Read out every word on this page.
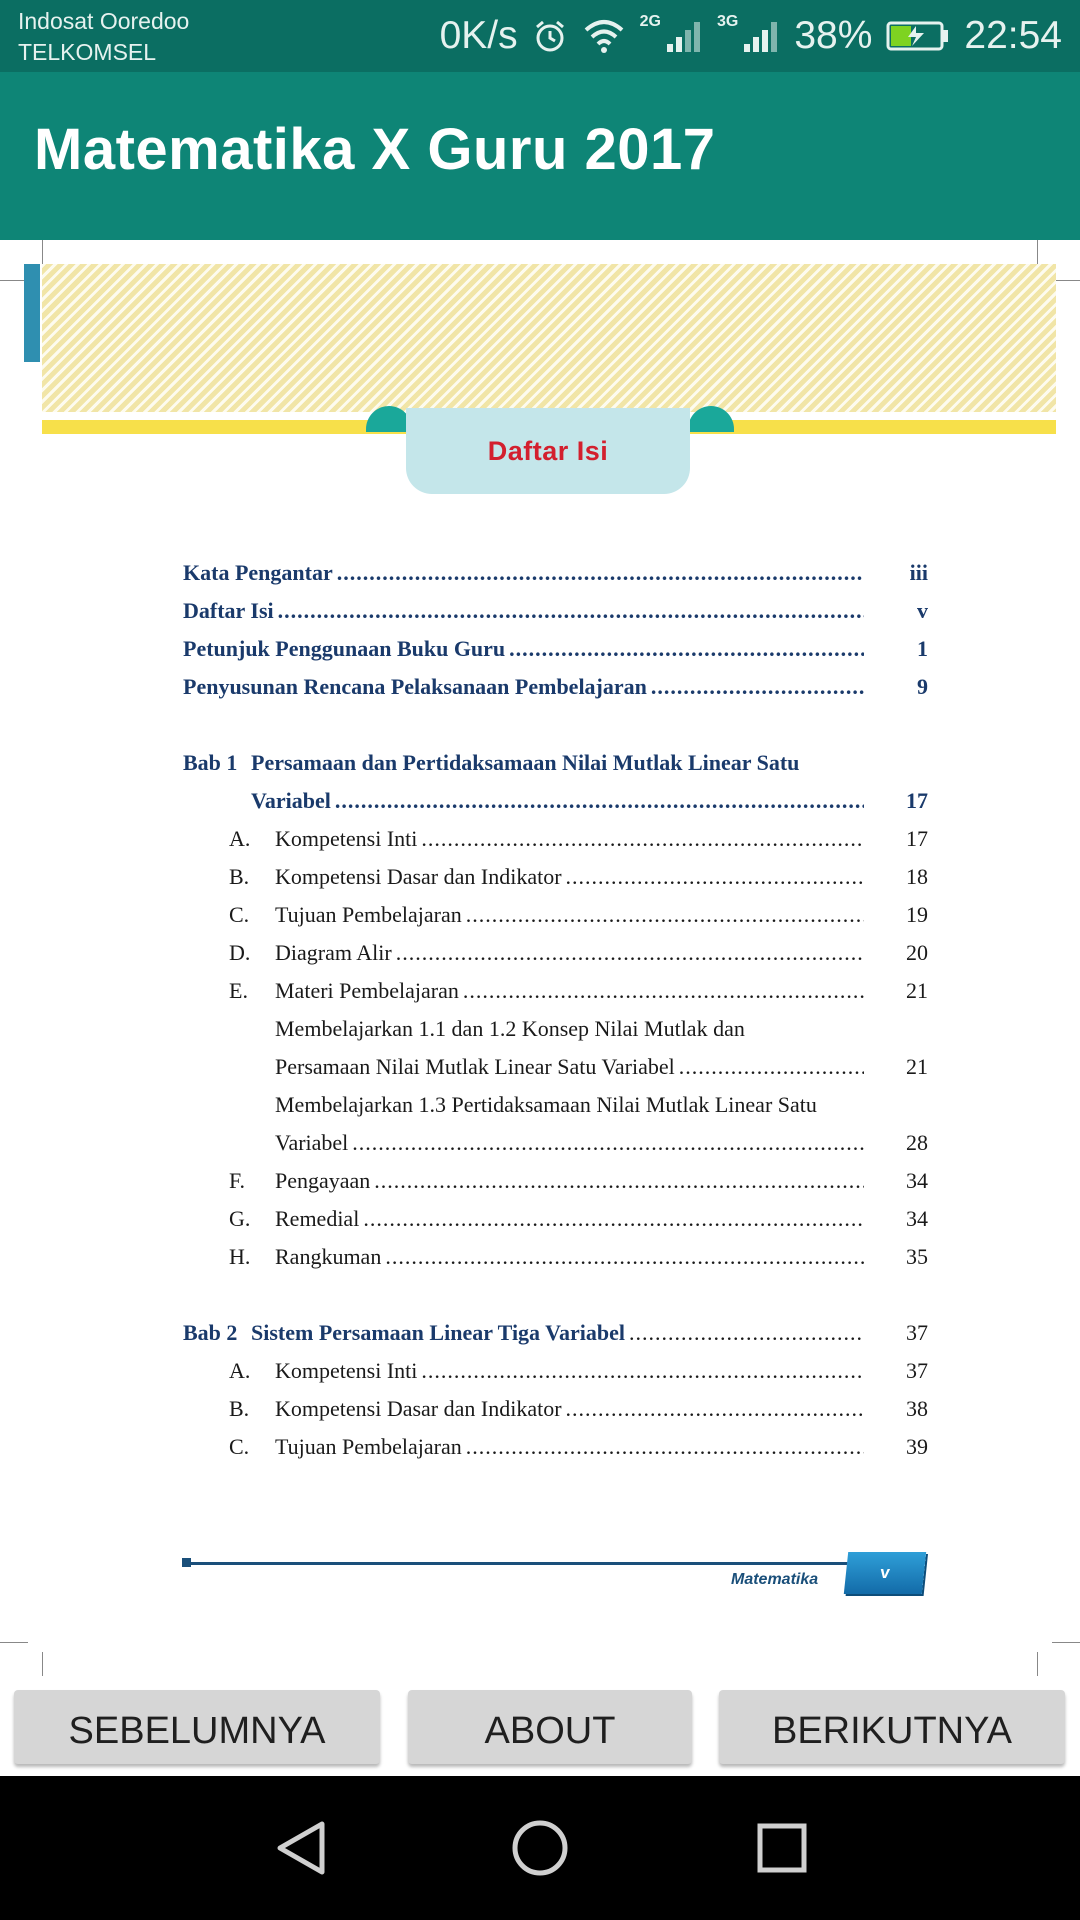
Indosat Ooredoo
TELKOMSEL	0K/s	2G	3G 38% 22:54
Matematika X Guru 2017
Daftar Isi
Kata Pengantar .....	iii
Daftar Isi .....	v
Petunjuk Penggunaan Buku Guru .....	1
Penyusunan Rencana Pelaksanaan Pembelajaran .....	9
Bab 1 Persamaan dan Pertidaksamaan Nilai Mutlak Linear Satu
Variabel .....	17
A.	Kompetensi Inti .....	17
B.	Kompetensi Dasar dan Indikator .....	18
C.	Tujuan Pembelajaran .....	19
D.	Diagram Alir .....	20
E.	Materi Pembelajaran .....	21
Membelajarkan 1.1 dan 1.2 Konsep Nilai Mutlak dan
Persamaan Nilai Mutlak Linear Satu Variabel .....	21
Membelajarkan 1.3 Pertidaksamaan Nilai Mutlak Linear Satu
Variabel .....	28
F.	Pengayaan .....	34
G.	Remedial .....	34
H.	Rangkuman .....	35
Bab 2 Sistem Persamaan Linear Tiga Variabel .....	37
A.	Kompetensi Inti .....	37
B.	Kompetensi Dasar dan Indikator .....	38
C.	Tujuan Pembelajaran .....	39
Matematika	v
SEBELUMNYA	ABOUT	BERIKUTNYA
